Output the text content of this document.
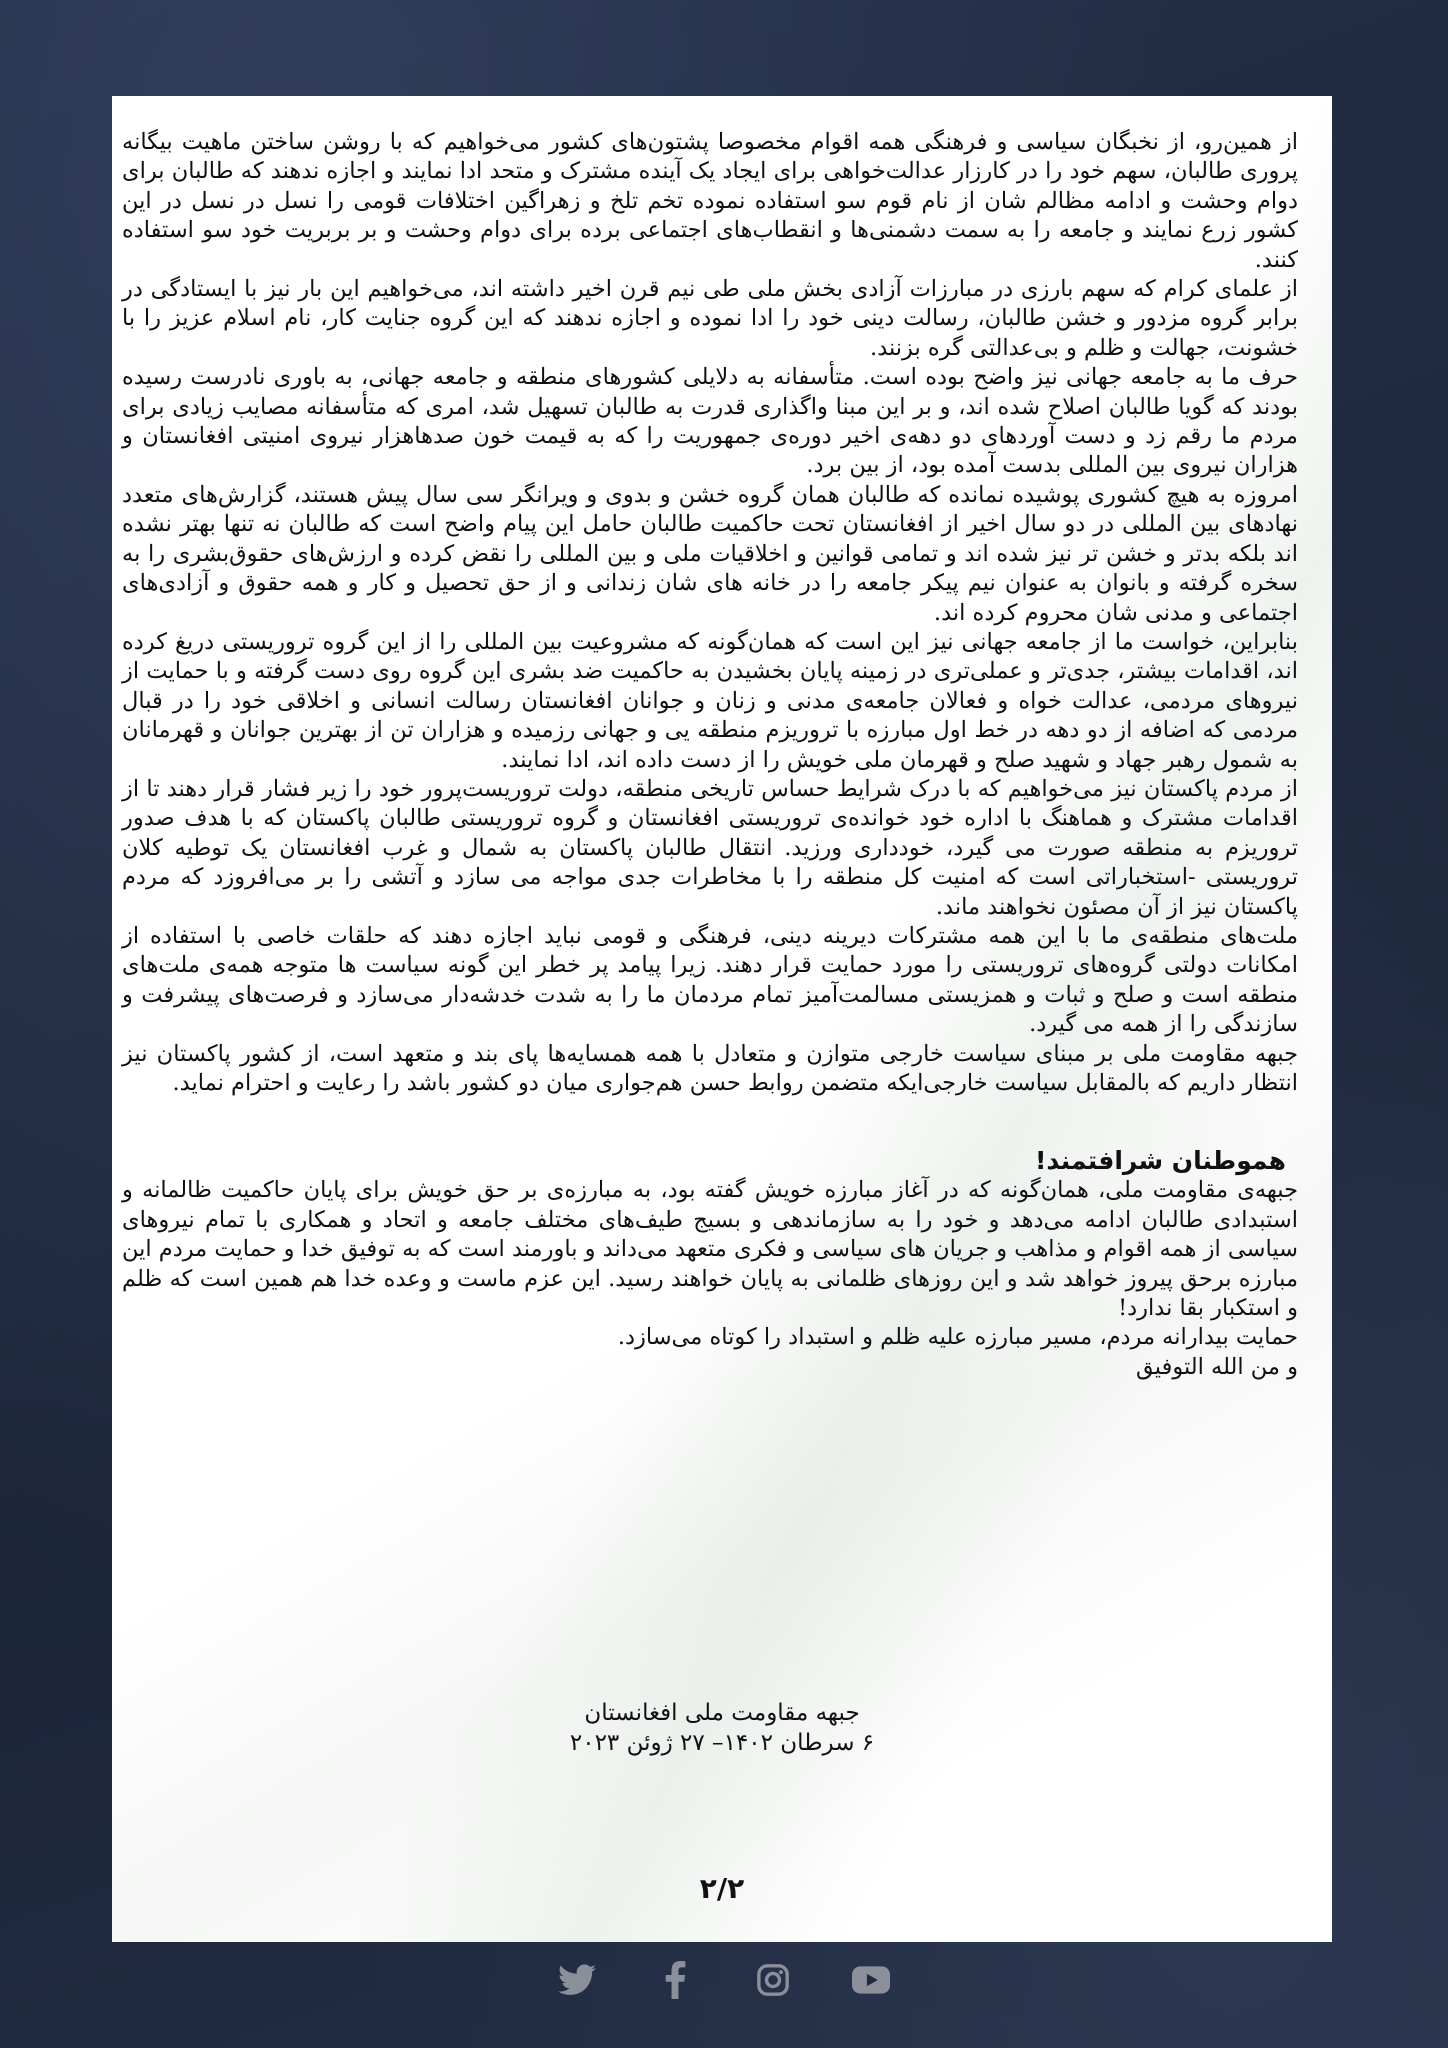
از همین‌رو، از نخبگان سیاسی و فرهنگی همه اقوام مخصوصا پشتون‌های کشور می‌خواهیم که با روشن ساختن ماهیت بیگانه پروری طالبان، سهم خود را در کارزار عدالت‌خواهی برای ایجاد یک آینده مشترک و متحد ادا نمایند و اجازه ندهند که طالبان برای دوام وحشت و ادامه مظالم شان از نام قوم سو استفاده نموده تخم تلخ و زهراگین اختلافات قومی را نسل در نسل در این کشور زرع نمایند و جامعه را به سمت دشمنی‌ها و انقطاب‌های اجتماعی برده برای دوام وحشت و بر بربریت خود سو استفاده کنند.

از علمای کرام که سهم بارزی در مبارزات آزادی بخش ملی طی نیم قرن اخیر داشته اند، می‌خواهیم این بار نیز با ایستادگی در برابر گروه مزدور و خشن طالبان، رسالت دینی خود را ادا نموده و اجازه ندهند که این گروه جنایت کار، نام اسلام عزیز را با خشونت، جهالت و ظلم و بی‌عدالتی گره بزنند.

حرف ما به جامعه جهانی نیز واضح بوده است. متأسفانه به دلایلی کشورهای منطقه و جامعه جهانی، به باوری نادرست رسیده بودند که گویا طالبان اصلاح شده اند، و بر این مبنا واگذاری قدرت به طالبان تسهیل شد، امری که متأسفانه مصایب زیادی برای مردم ما رقم زد و دست آوردهای دو دهه‌ی اخیر دوره‌ی جمهوریت را که به قیمت خون صدهاهزار نیروی امنیتی افغانستان و هزاران نیروی بین المللی بدست آمده بود، از بین برد.

امروزه به هیچ کشوری پوشیده نمانده که طالبان همان گروه خشن و بدوی و ویرانگر سی سال پیش هستند، گزارش‌های متعدد نهادهای بین المللی در دو سال اخیر از افغانستان تحت حاکمیت طالبان حامل این پیام واضح است که طالبان نه تنها بهتر نشده اند بلکه بدتر و خشن تر نیز شده اند و تمامی قوانین و اخلاقیات ملی و بین المللی را نقض کرده و ارزش‌های حقوق‌بشری را به سخره گرفته و بانوان به عنوان نیم پیکر جامعه را در خانه های شان زندانی و از حق تحصیل و کار و همه حقوق و آزادی‌های اجتماعی و مدنی شان محروم کرده اند.

بنابراین، خواست ما از جامعه جهانی نیز این است که همان‌گونه که مشروعیت بین المللی را از این گروه تروریستی دریغ کرده اند، اقدامات بیشتر، جدی‌تر و عملی‌تری در زمینه پایان بخشیدن به حاکمیت ضد بشری این گروه روی دست گرفته و با حمایت از نیروهای مردمی، عدالت خواه و فعالان جامعه‌ی مدنی و زنان و جوانان افغانستان رسالت انسانی و اخلاقی خود را در قبال مردمی که اضافه از دو دهه در خط اول مبارزه با تروریزم منطقه یی و جهانی رزمیده و هزاران تن از بهترین جوانان و قهرمانان به شمول رهبر جهاد و شهید صلح و قهرمان ملی خویش را از دست داده اند، ادا نمایند.

از مردم پاکستان نیز می‌خواهیم که با درک شرایط حساس تاریخی منطقه، دولت تروریست‌پرور خود را زیر فشار قرار دهند تا از اقدامات مشترک و هماهنگ با اداره خود خوانده‌ی تروریستی افغانستان و گروه تروریستی طالبان پاکستان که با هدف صدور تروریزم به منطقه صورت می گیرد، خودداری ورزید. انتقال طالبان پاکستان به شمال و غرب افغانستان یک توطیه کلان تروریستی -استخباراتی است که امنیت کل منطقه را با مخاطرات جدی مواجه می سازد و آتشی را بر می‌افروزد که مردم پاکستان نیز از آن مصئون نخواهند ماند.

ملت‌های منطقه‌ی ما با این همه مشترکات دیرینه دینی، فرهنگی و قومی نباید اجازه دهند که حلقات خاصی با استفاده از امکانات دولتی گروه‌های تروریستی را مورد حمایت قرار دهند. زیرا پیامد پر خطر این گونه سیاست ها متوجه همه‌ی ملت‌های منطقه است و صلح و ثبات و همزیستی مسالمت‌آمیز تمام مردمان ما را به شدت خدشه‌دار می‌سازد و فرصت‌های پیشرفت و سازندگی را از همه می گیرد.

جبهه مقاومت ملی بر مبنای سیاست خارجی متوازن و متعادل با همه همسایه‌ها پای بند و متعهد است، از کشور پاکستان نیز انتظار داریم که بالمقابل سیاست خارجی‌ایکه متضمن روابط حسن هم‌جواری میان دو کشور باشد را رعایت و احترام نماید.

هموطنان شرافتمند!

جبهه‌ی مقاومت ملی، همان‌گونه که در آغاز مبارزه خویش گفته بود، به مبارزه‌ی بر حق خویش برای پایان حاکمیت ظالمانه و استبدادی طالبان ادامه می‌دهد و خود را به سازماندهی و بسیج طیف‌های مختلف جامعه و اتحاد و همکاری با تمام نیروهای سیاسی از همه اقوام و مذاهب و جریان های سیاسی و فکری متعهد می‌داند و باورمند است که به توفیق خدا و حمایت مردم این مبارزه برحق پیروز خواهد شد و این روزهای ظلمانی به پایان خواهند رسید. این عزم ماست و وعده خدا هم همین است که ظلم و استکبار بقا ندارد!

حمایت بیدارانه مردم، مسیر مبارزه علیه ظلم و استبداد را کوتاه می‌سازد.

و من الله التوفیق

جبهه مقاومت ملی افغانستان
۶ سرطان ۱۴۰۲– ۲۷ ژوئن ۲۰۲۳
۲/۲
